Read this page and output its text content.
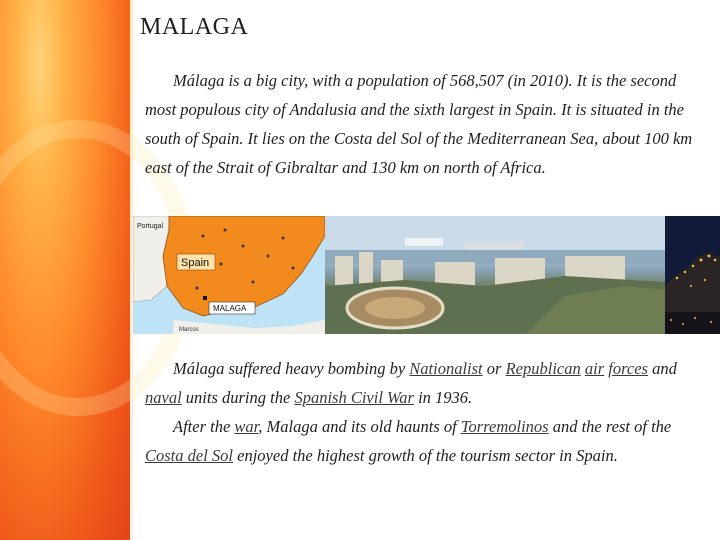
MALAGA

Málaga is a big city, with a population of 568,507 (in 2010). It is the second most populous city of Andalusia and the sixth largest in Spain. It is situated in the south of Spain. It lies on the Costa del Sol of the Mediterranean Sea, about 100 km east of the Strait of Gibraltar and 130 km on north of Africa.

Portugal
Spain
MALAGA
Marcos
Málaga suffered heavy bombing by Nationalist or Republican air forces and naval units during the Spanish Civil War in 1936.
After the war, Malaga and its old haunts of Torremolinos and the rest of the Costa del Sol enjoyed the highest growth of the tourism sector in Spain.
